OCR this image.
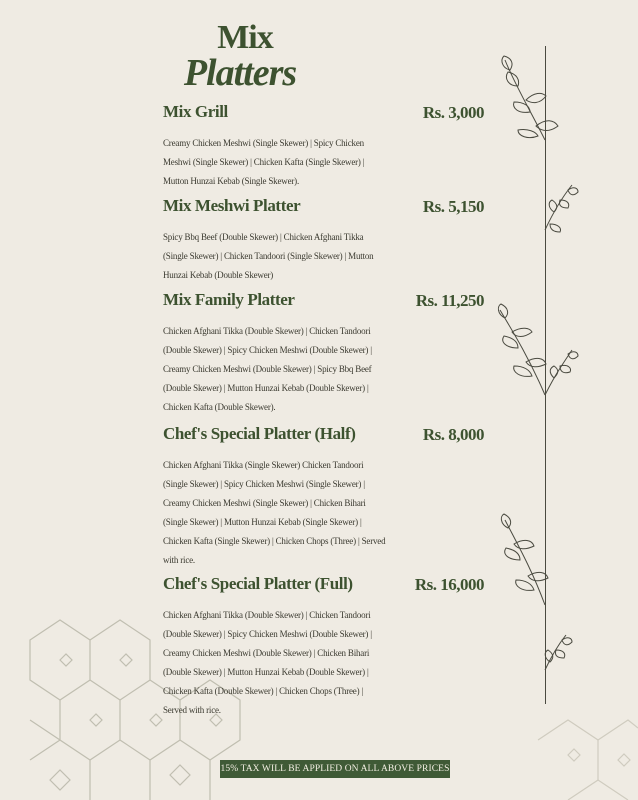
Mix
Platters
Mix Grill	Rs. 3,000
Creamy Chicken Meshwi (Single Skewer) | Spicy Chicken Meshwi (Single Skewer) | Chicken Kafta (Single Skewer) | Mutton Hunzai Kebab (Single Skewer).
Mix Meshwi Platter	Rs. 5,150
Spicy Bbq Beef (Double Skewer) | Chicken Afghani Tikka (Single Skewer) | Chicken Tandoori (Single Skewer) | Mutton Hunzai Kebab (Double Skewer)
Mix Family Platter	Rs. 11,250
Chicken Afghani Tikka (Double Skewer) | Chicken Tandoori (Double Skewer) | Spicy Chicken Meshwi (Double Skewer) | Creamy Chicken Meshwi (Double Skewer) | Spicy Bbq Beef (Double Skewer) | Mutton Hunzai Kebab (Double Skewer) | Chicken Kafta (Double Skewer).
Chef's Special Platter (Half)	Rs. 8,000
Chicken Afghani Tikka (Single Skewer) Chicken Tandoori (Single Skewer) | Spicy Chicken Meshwi (Single Skewer) | Creamy Chicken Meshwi (Single Skewer) | Chicken Bihari (Single Skewer) | Mutton Hunzai Kebab (Single Skewer) | Chicken Kafta (Single Skewer) | Chicken Chops (Three) | Served with rice.
Chef's Special Platter (Full)	Rs. 16,000
Chicken Afghani Tikka (Double Skewer) | Chicken Tandoori (Double Skewer) | Spicy Chicken Meshwi (Double Skewer) | Creamy Chicken Meshwi (Double Skewer) | Chicken Bihari (Double Skewer) | Mutton Hunzai Kebab (Double Skewer) | Chicken Kafta (Double Skewer) | Chicken Chops (Three) | Served with rice.
15% TAX WILL BE APPLIED ON ALL ABOVE PRICES
